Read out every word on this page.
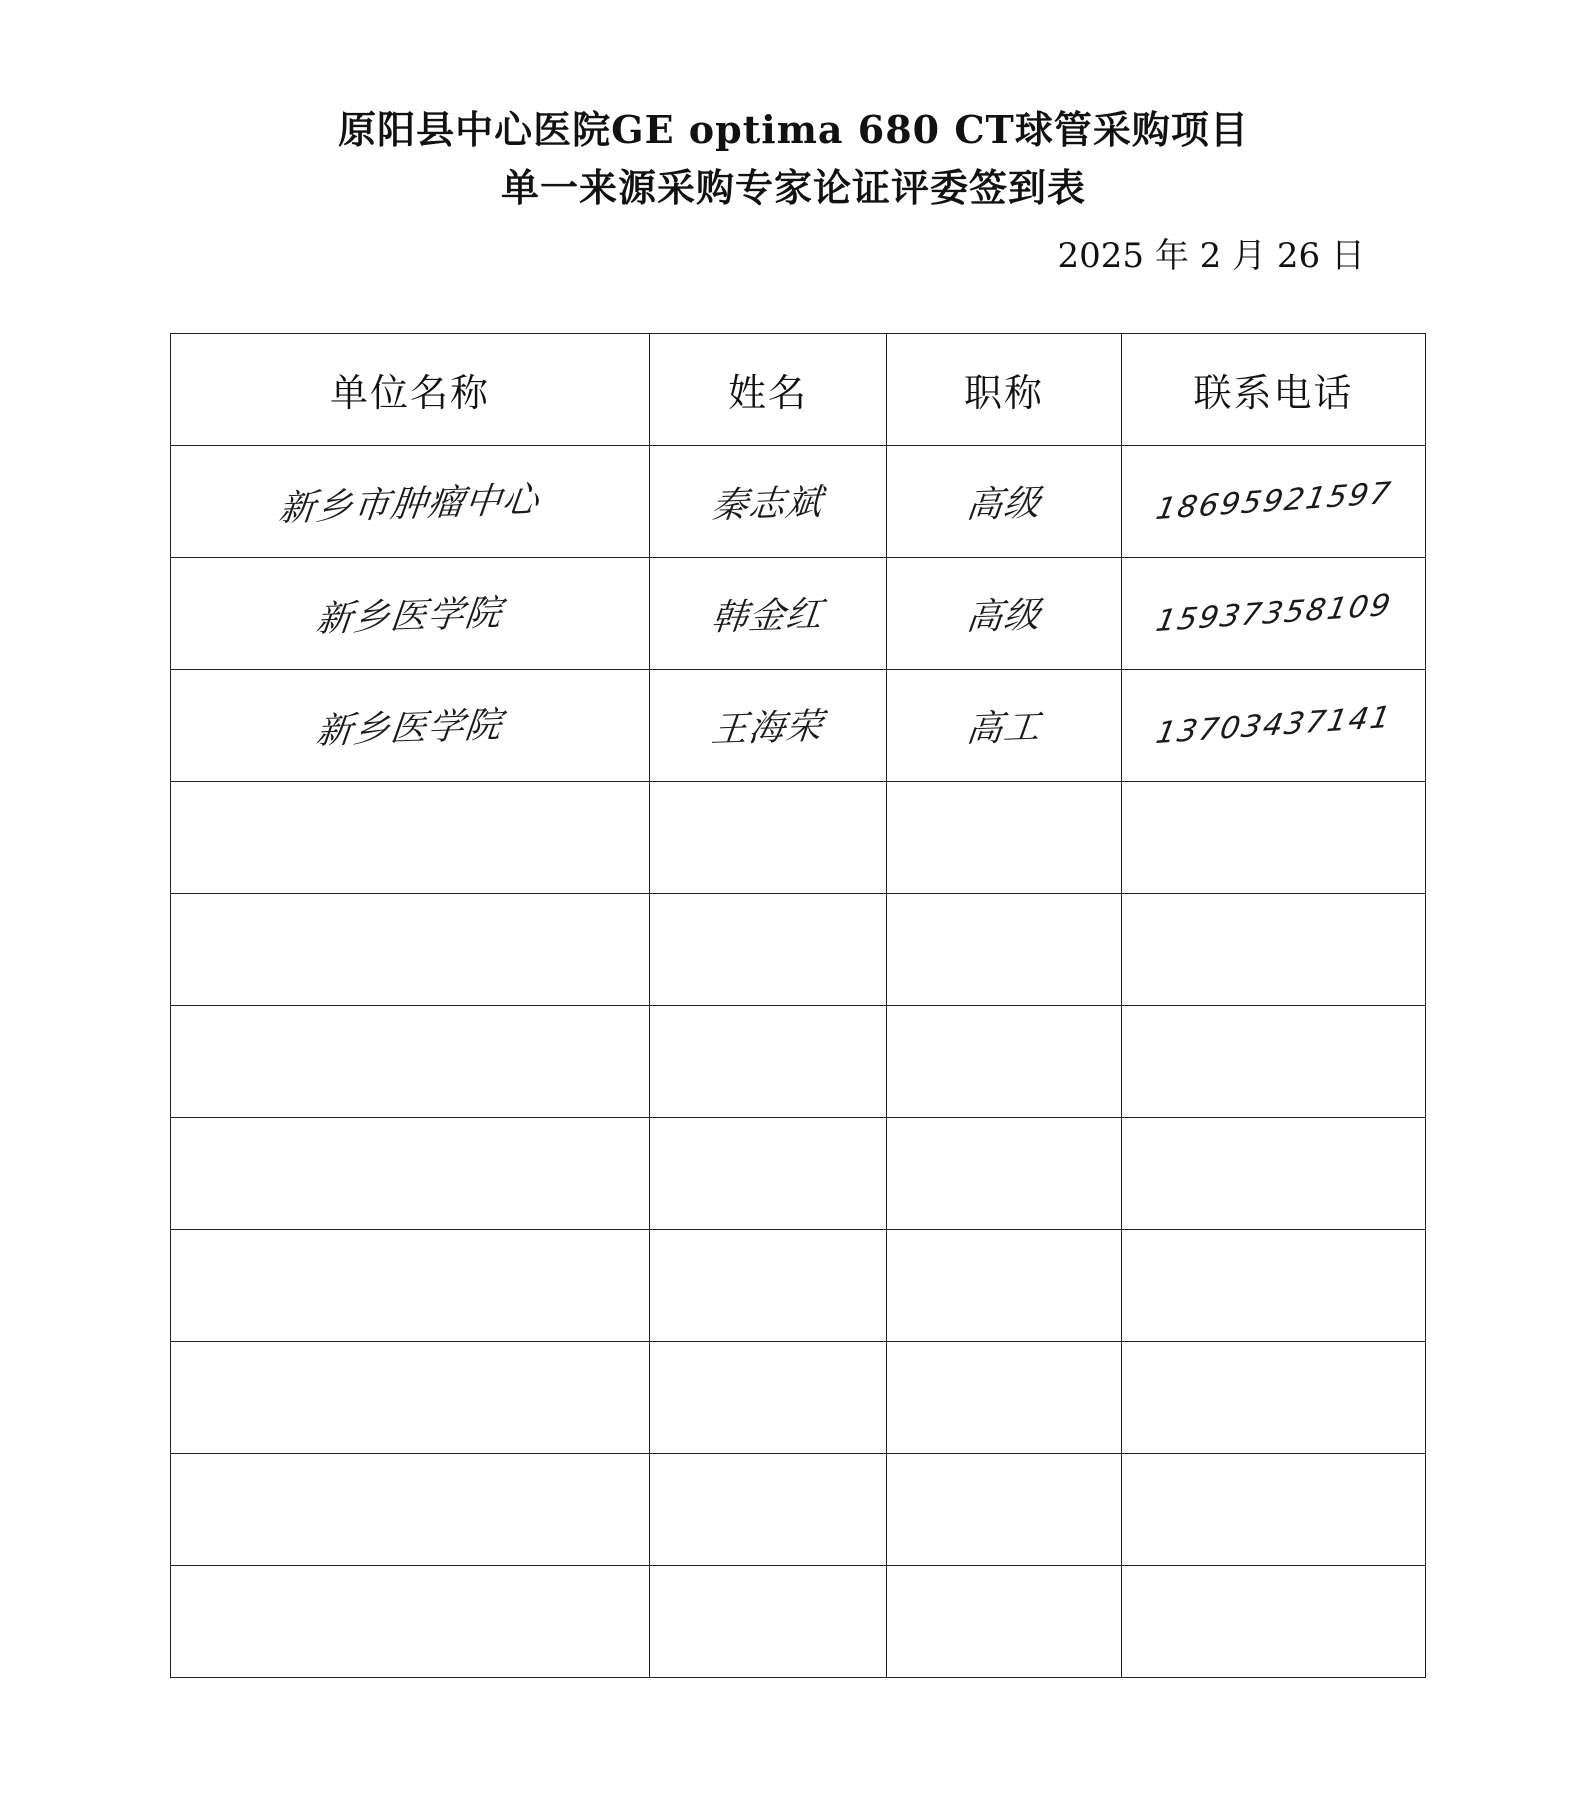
原阳县中心医院GE optima 680 CT球管采购项目
单一来源采购专家论证评委签到表
2025 年 2 月 26 日
单位名称	姓名	职称	联系电话
新乡市肿瘤中心	秦志斌	高级	18695921597
新乡医学院	韩金红	高级	15937358109
新乡医学院	王海荣	高工	13703437141
